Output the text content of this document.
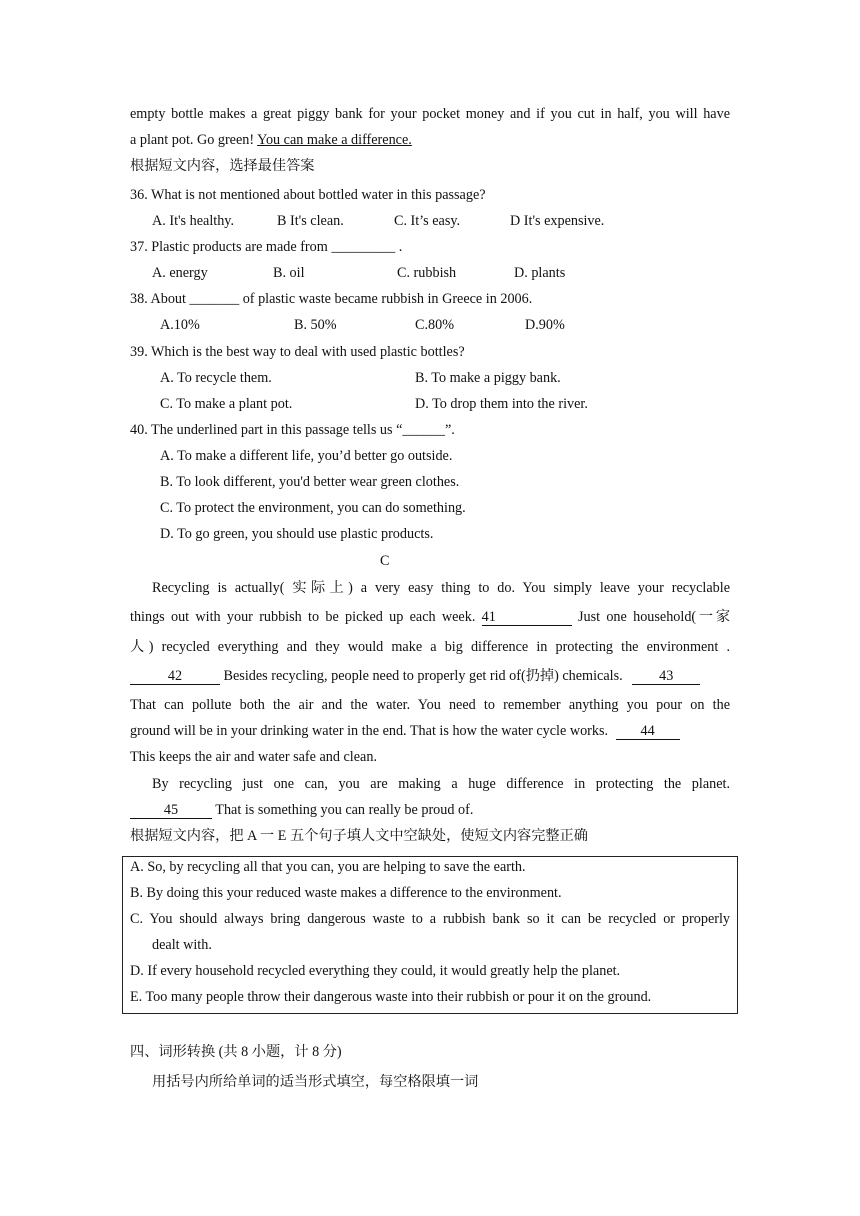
empty bottle makes a great piggy bank for your pocket money and if you cut in half, you will have
a plant pot. Go green! You can make a difference.
根据短文内容，选择最佳答案
36. What is not mentioned about bottled water in this passage?
A. It's healthy.	B It's clean.	C. It’s easy.	D It's expensive.
37. Plastic products are made from _________ .
A. energy	B. oil	C. rubbish	D. plants
38. About _______ of plastic waste became rubbish in Greece in 2006.
A.10%	B. 50%	C.80%	D.90%
39. Which is the best way to deal with used plastic bottles?
A. To recycle them.	B. To make a piggy bank.
C. To make a plant pot.	D. To drop them into the river.
40. The underlined part in this passage tells us “______”.
A. To make a different life, you’d better go outside.
B. To look different, you'd better wear green clothes.
C. To protect the environment, you can do something.
D. To go green, you should use plastic products.
C
Recycling is actually( 实际上) a very easy thing to do. You simply leave your recyclable
things out with your rubbish to be picked up each week. 41	Just one household(一家
人) recycled everything and they would make a big difference in protecting the environment .
42	Besides recycling, people need to properly get rid of(扔掉) chemicals.	43
That can pollute both the air and the water. You need to remember anything you pour on the
ground will be in your drinking water in the end. That is how the water cycle works. 44
This keeps the air and water safe and clean.
By recycling just one can, you are making a huge difference in protecting the planet.
45	That is something you can really be proud of.
根据短文内容，把 A 一 E 五个句子填人文中空缺处，使短文内容完整正确
A. So, by recycling all that you can, you are helping to save the earth.
B. By doing this your reduced waste makes a difference to the environment.
C. You should always bring dangerous waste to a rubbish bank so it can be recycled or properly
dealt with.
D. If every household recycled everything they could, it would greatly help the planet.
E. Too many people throw their dangerous waste into their rubbish or pour it on the ground.
四、词形转换 (共 8 小题，计 8 分)
用括号内所给单词的适当形式填空，每空格限填一词
